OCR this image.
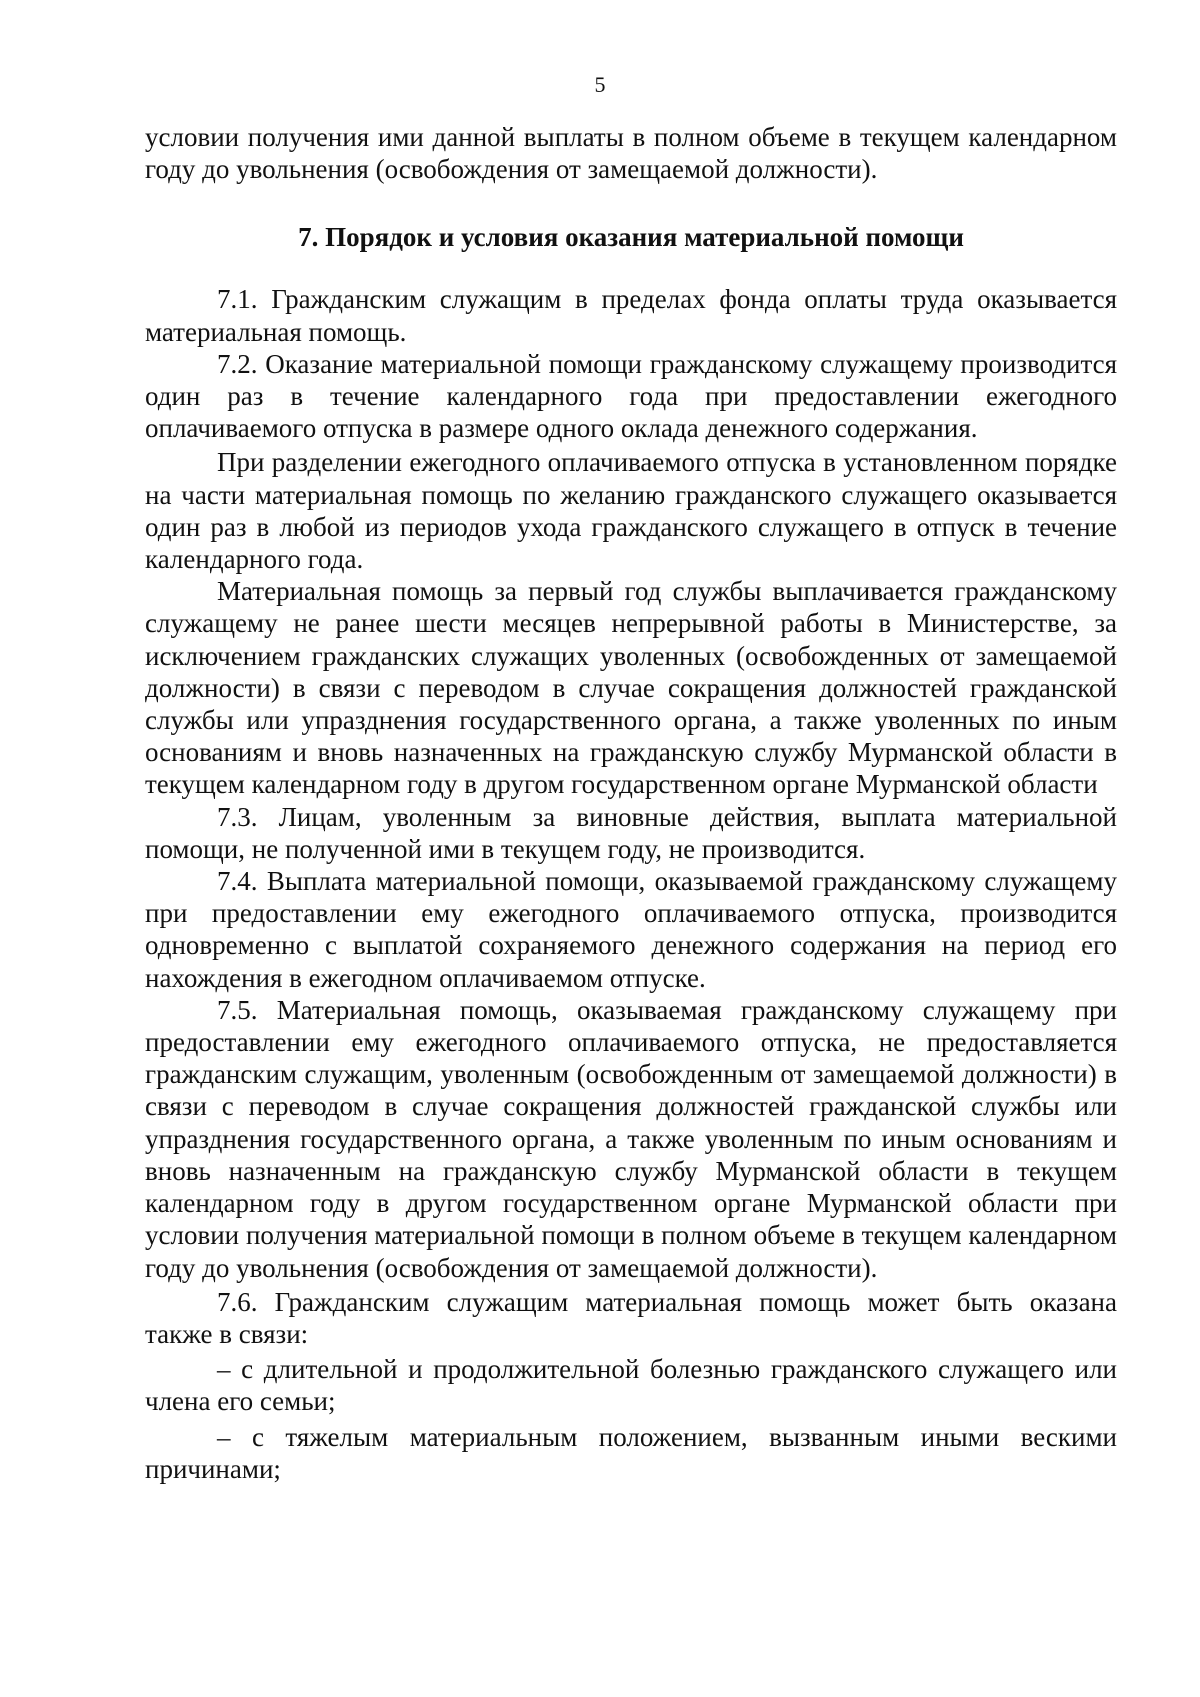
5

условии получения ими данной выплаты в полном объеме в текущем календарном году до увольнения (освобождения от замещаемой должности).

7. Порядок и условия оказания материальной помощи

7.1. Гражданским служащим в пределах фонда оплаты труда оказывается материальная помощь.

7.2. Оказание материальной помощи гражданскому служащему производится один раз в течение календарного года при предоставлении ежегодного оплачиваемого отпуска в размере одного оклада денежного содержания.

При разделении ежегодного оплачиваемого отпуска в установленном порядке на части материальная помощь по желанию гражданского служащего оказывается один раз в любой из периодов ухода гражданского служащего в отпуск в течение календарного года.

Материальная помощь за первый год службы выплачивается гражданскому служащему не ранее шести месяцев непрерывной работы в Министерстве, за исключением гражданских служащих уволенных (освобожденных от замещаемой должности) в связи с переводом в случае сокращения должностей гражданской службы или упразднения государственного органа, а также уволенных по иным основаниям и вновь назначенных на гражданскую службу Мурманской области в текущем календарном году в другом государственном органе Мурманской области

7.3. Лицам, уволенным за виновные действия, выплата материальной помощи, не полученной ими в текущем году, не производится.

7.4. Выплата материальной помощи, оказываемой гражданскому служащему при предоставлении ему ежегодного оплачиваемого отпуска, производится одновременно с выплатой сохраняемого денежного содержания на период его нахождения в ежегодном оплачиваемом отпуске.

7.5. Материальная помощь, оказываемая гражданскому служащему при предоставлении ему ежегодного оплачиваемого отпуска, не предоставляется гражданским служащим, уволенным (освобожденным от замещаемой должности) в связи с переводом в случае сокращения должностей гражданской службы или упразднения государственного органа, а также уволенным по иным основаниям и вновь назначенным на гражданскую службу Мурманской области в текущем календарном году в другом государственном органе Мурманской области при условии получения материальной помощи в полном объеме в текущем календарном году до увольнения (освобождения от замещаемой должности).

7.6. Гражданским служащим материальная помощь может быть оказана также в связи:

– с длительной и продолжительной болезнью гражданского служащего или члена его семьи;

– с тяжелым материальным положением, вызванным иными вескими причинами;
